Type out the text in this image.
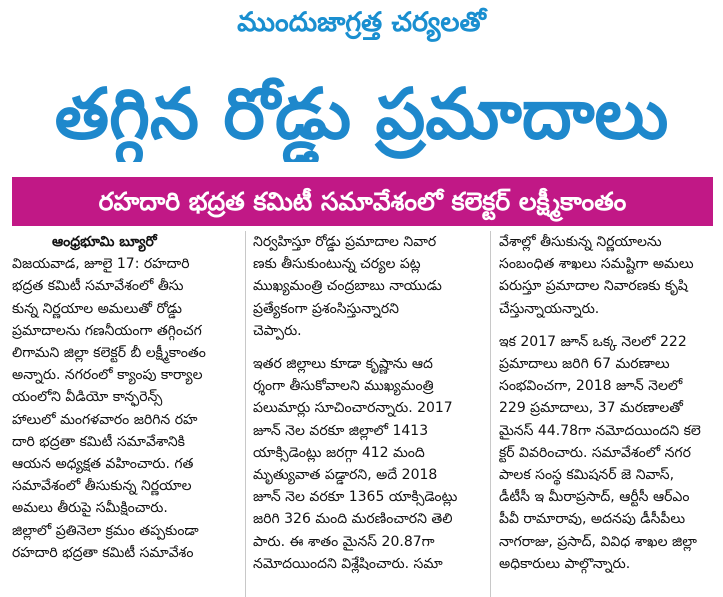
ముందుజాగ్రత్త చర్యలతో
తగ్గిన రోడ్డు ప్రమాదాలు
రహదారి భద్రత కమిటీ సమావేశంలో కలెక్టర్ లక్ష్మీకాంతం
ఆంధ్రభూమి బ్యూరో
విజయవాడ, జూలై 17: రహదారి
భద్రత కమిటీ సమావేశంలో తీసు
కున్న నిర్ణయాల అమలుతో రోడ్డు
ప్రమాదాలను గణనీయంగా తగ్గించగ
లిగామని జిల్లా కలెక్టర్ బీ లక్ష్మీకాంతం
అన్నారు. నగరంలో క్యాంపు కార్యాల
యంలోని వీడియో కాన్ఫరెన్స్
హాలులో మంగళవారం జరిగిన రహ
దారి భద్రతా కమిటీ సమావేశానికి
ఆయన అధ్యక్షత వహించారు. గత
సమావేశంలో తీసుకున్న నిర్ణయాల
అమలు తీరుపై సమీక్షించారు.
జిల్లాలో ప్రతినెలా క్రమం తప్పకుండా
రహదారి భద్రతా కమిటీ సమావేశం
నిర్వహిస్తూ రోడ్డు ప్రమాదాల నివార
ణకు తీసుకుంటున్న చర్యల పట్ల
ముఖ్యమంత్రి చంద్రబాబు నాయుడు
ప్రత్యేకంగా ప్రశంసిస్తున్నారని
చెప్పారు.
ఇతర జిల్లాలు కూడా కృష్ణాను ఆద
ర్శంగా తీసుకోవాలని ముఖ్యమంత్రి
పలుమార్లు సూచించారన్నారు. 2017
జూన్ నెల వరకూ జిల్లాలో 1413
యాక్సిడెంట్లు జరగ్గా 412 మంది
మృత్యువాత పడ్డారని, అదే 2018
జూన్ నెల వరకూ 1365 యాక్సిడెంట్లు
జరిగి 326 మంది మరణించారని తెలి
పారు. ఈ శాతం మైనస్ 20.87గా
నమోదయిందని విశ్లేషించారు. సమా
వేశాల్లో తీసుకున్న నిర్ణయాలను
సంబంధిత శాఖలు సమష్టిగా అమలు
పరుస్తూ ప్రమాదాల నివారణకు కృషి
చేస్తున్నాయన్నారు.
ఇక 2017 జూన్ ఒక్క నెలలో 222
ప్రమాదాలు జరిగి 67 మరణాలు
సంభవించగా, 2018 జూన్ నెలలో
229 ప్రమాదాలు, 37 మరణాలతో
మైనస్ 44.78గా నమోదయిందని కలె
క్టర్ వివరించారు. సమావేశంలో నగర
పాలక సంస్థ కమిషనర్ జె నివాస్,
డీటీసీ ఇ మీరాప్రసాద్, ఆర్టీసీ ఆర్ఎం
పీవీ రామారావు, అదనపు డీసీపీలు
నాగరాజు, ప్రసాద్, వివిధ శాఖల జిల్లా
అధికారులు పాల్గొన్నారు.
